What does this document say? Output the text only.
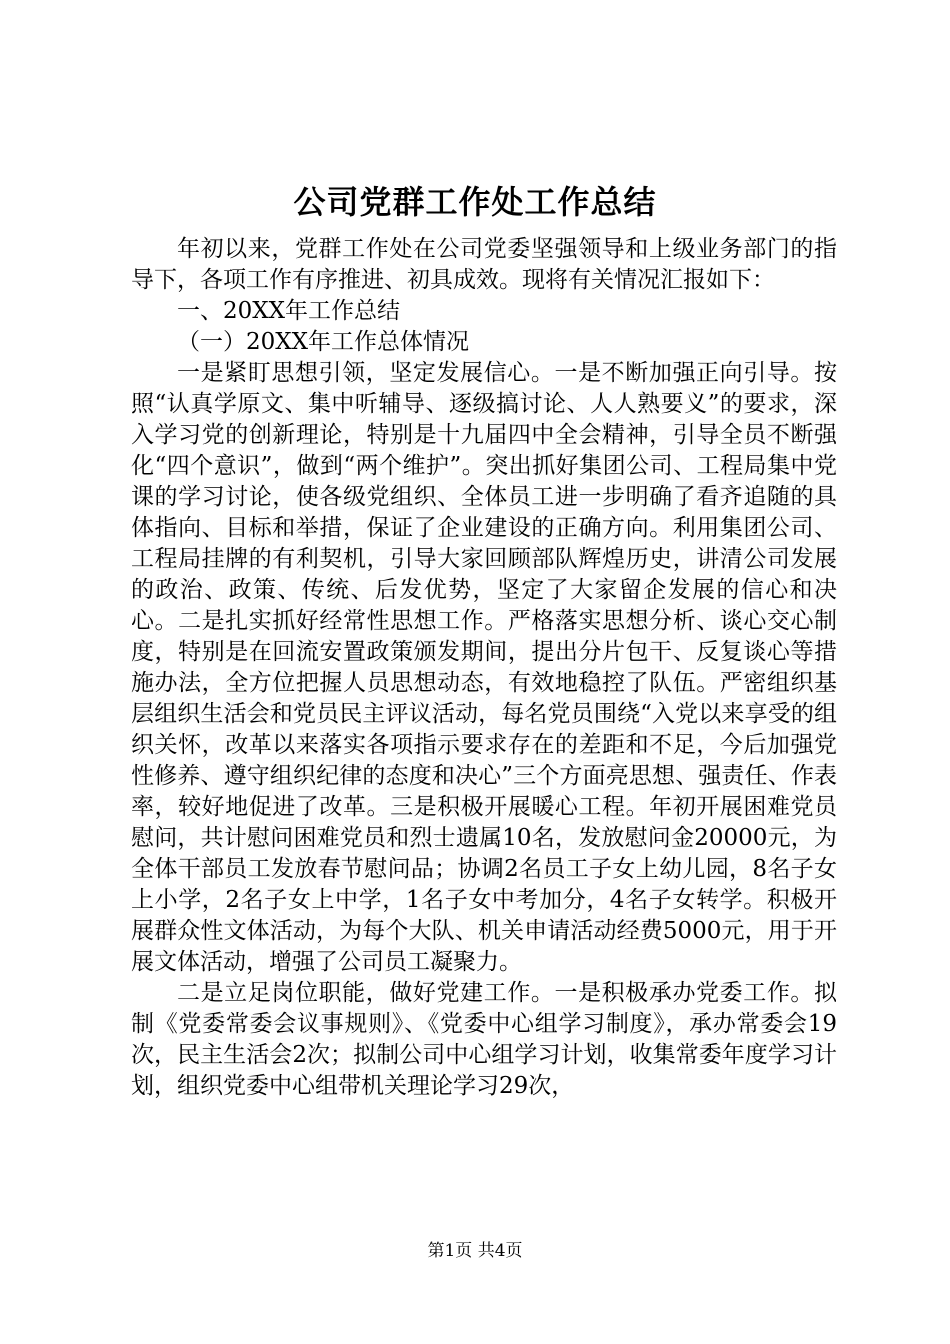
公司党群工作处工作总结

年初以来，党群工作处在公司党委坚强领导和上级业务部门的指导下，各项工作有序推进、初具成效。现将有关情况汇报如下：

一、20XX年工作总结

（一）20XX年工作总体情况

一是紧盯思想引领，坚定发展信心。一是不断加强正向引导。按照“认真学原文、集中听辅导、逐级搞讨论、人人熟要义”的要求，深入学习党的创新理论，特别是十九届四中全会精神，引导全员不断强化“四个意识”，做到“两个维护”。突出抓好集团公司、工程局集中党课的学习讨论，使各级党组织、全体员工进一步明确了看齐追随的具体指向、目标和举措，保证了企业建设的正确方向。利用集团公司、工程局挂牌的有利契机，引导大家回顾部队辉煌历史，讲清公司发展的政治、政策、传统、后发优势，坚定了大家留企发展的信心和决心。二是扎实抓好经常性思想工作。严格落实思想分析、谈心交心制度，特别是在回流安置政策颁发期间，提出分片包干、反复谈心等措施办法，全方位把握人员思想动态，有效地稳控了队伍。严密组织基层组织生活会和党员民主评议活动，每名党员围绕“入党以来享受的组织关怀，改革以来落实各项指示要求存在的差距和不足，今后加强党性修养、遵守组织纪律的态度和决心”三个方面亮思想、强责任、作表率，较好地促进了改革。三是积极开展暖心工程。年初开展困难党员慰问，共计慰问困难党员和烈士遗属10名，发放慰问金20000元，为全体干部员工发放春节慰问品；协调2名员工子女上幼儿园，8名子女上小学，2名子女上中学，1名子女中考加分，4名子女转学。积极开展群众性文体活动，为每个大队、机关申请活动经费5000元，用于开展文体活动，增强了公司员工凝聚力。

二是立足岗位职能，做好党建工作。一是积极承办党委工作。拟制《党委常委会议事规则》、《党委中心组学习制度》，承办常委会19次，民主生活会2次；拟制公司中心组学习计划，收集常委年度学习计划，组织党委中心组带机关理论学习29次，

第1页 共4页
